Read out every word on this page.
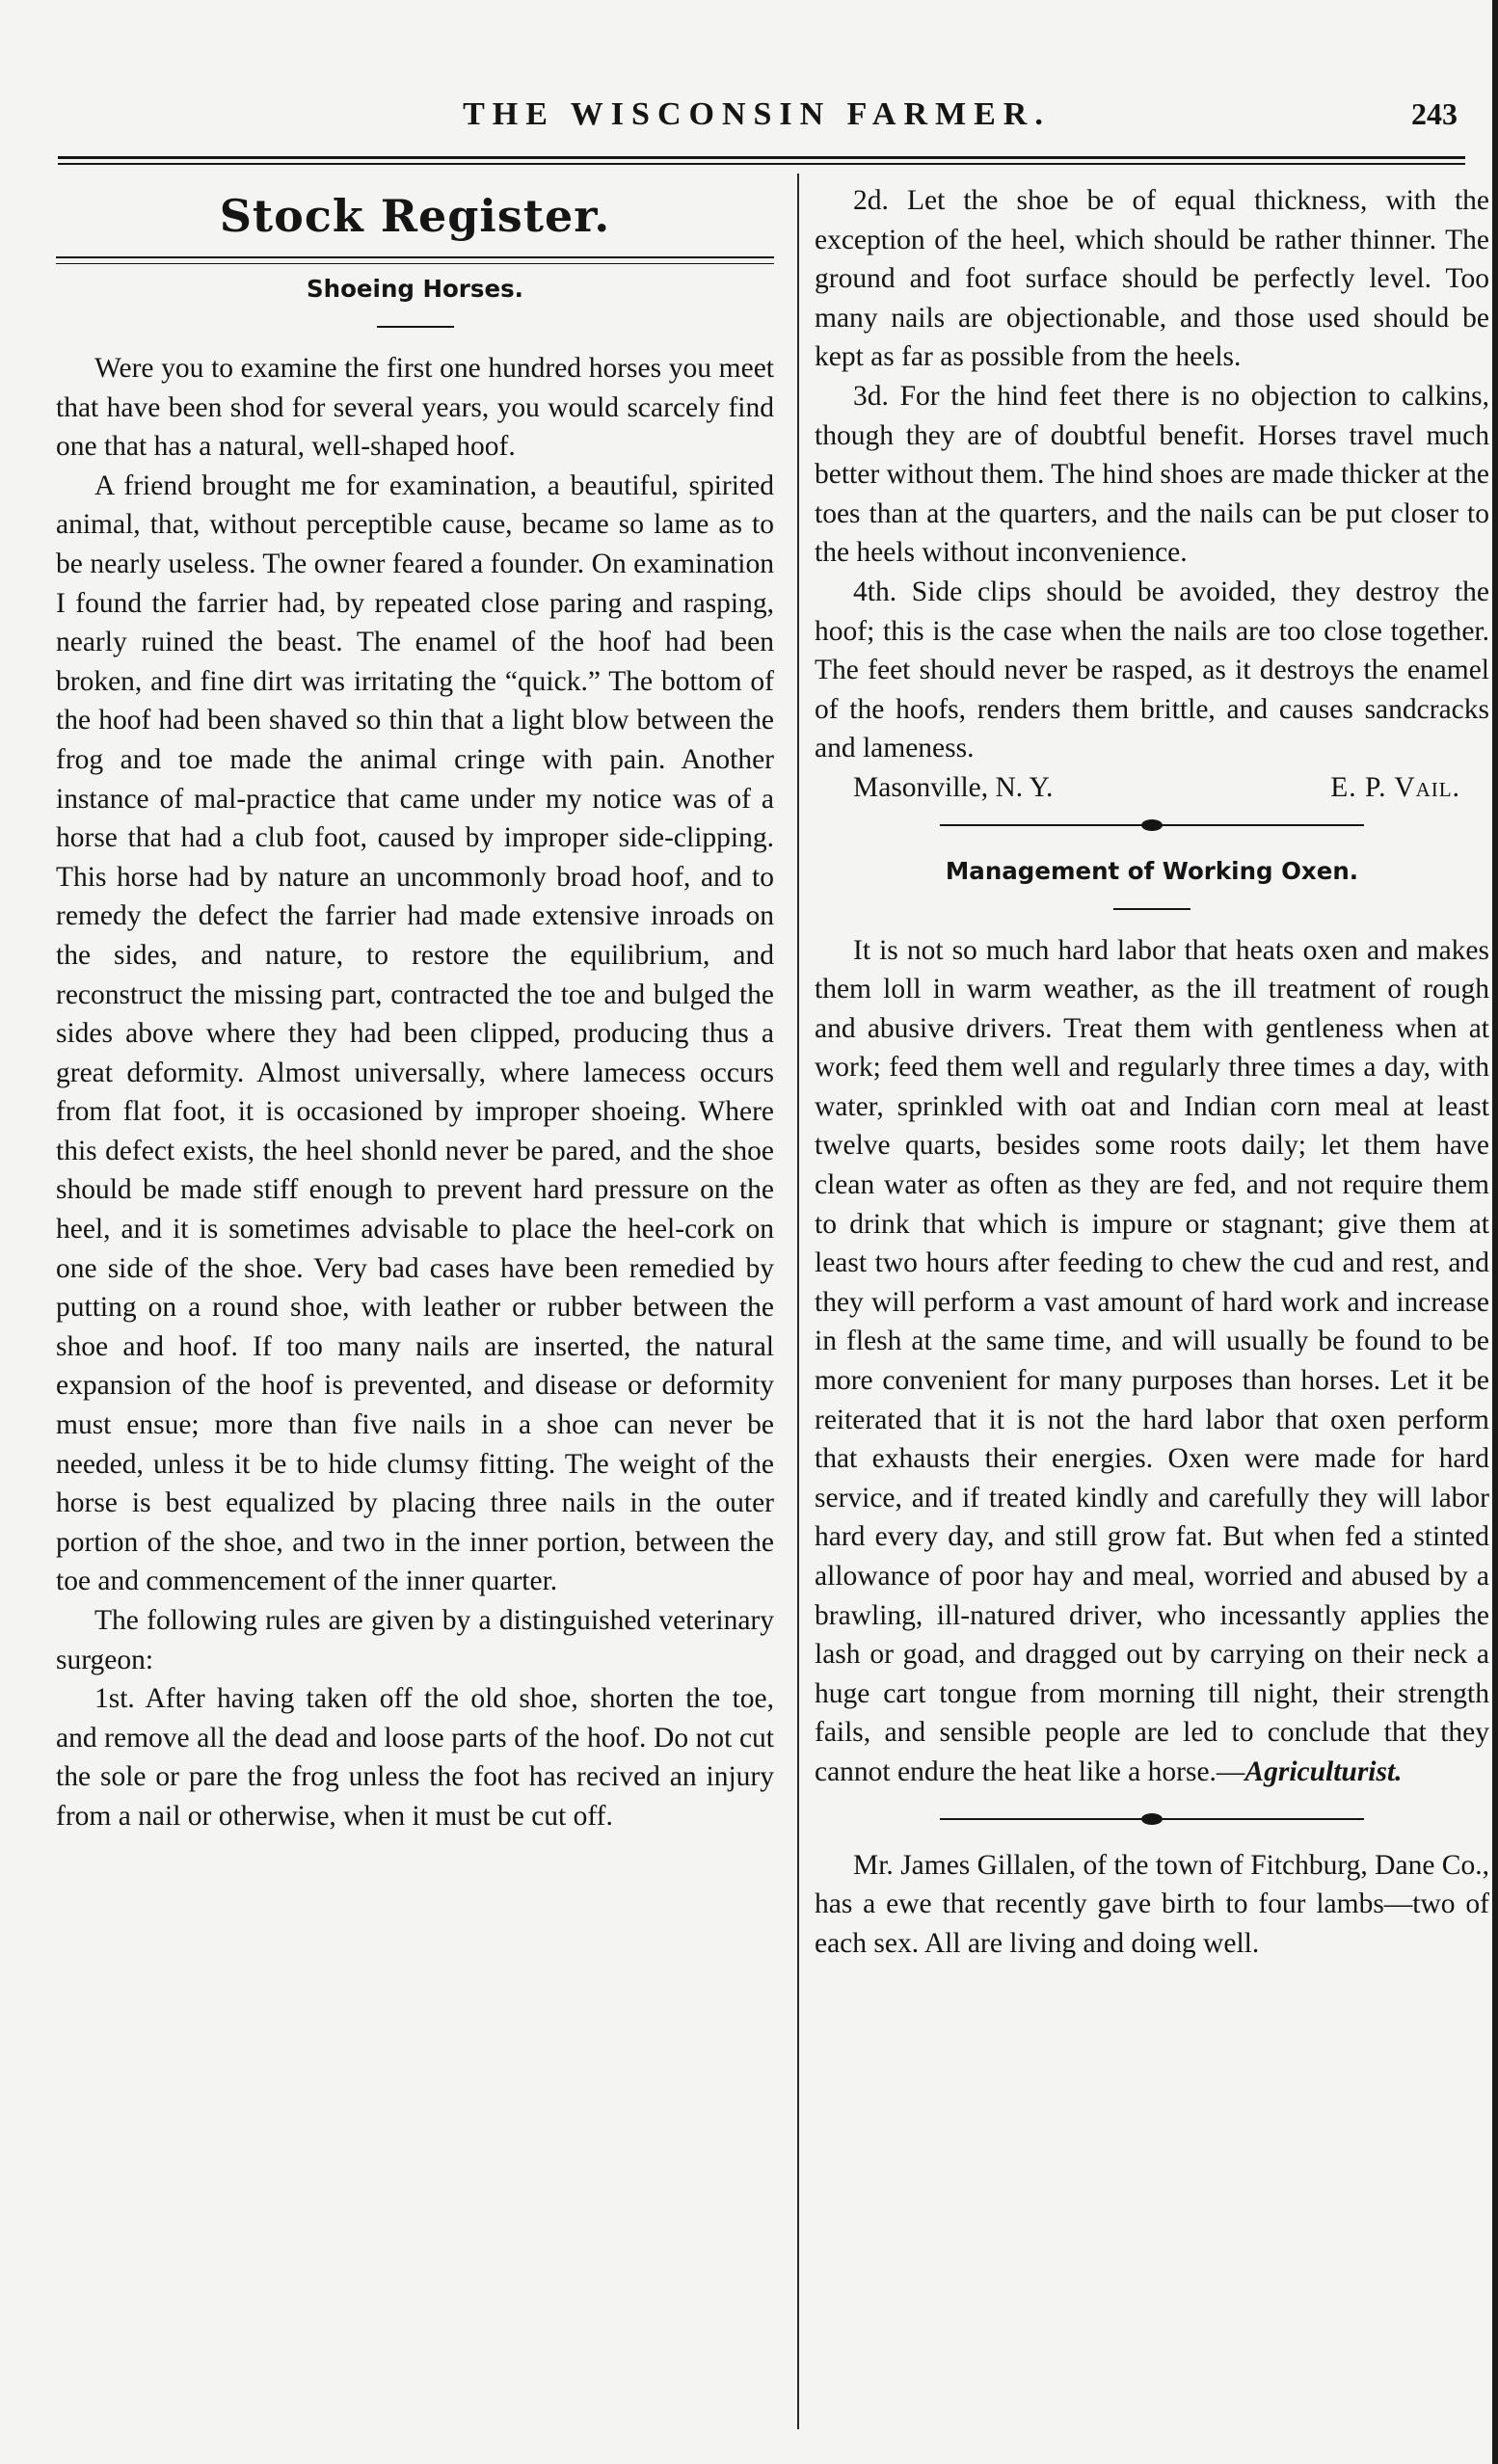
THE WISCONSIN FARMER.	243
Stock Register.
Shoeing Horses.

Were you to examine the first one hundred horses you meet that have been shod for several years, you would scarcely find one that has a natural, well-shaped hoof.

A friend brought me for examination, a beautiful, spirited animal, that, without perceptible cause, became so lame as to be nearly useless. The owner feared a founder. On examination I found the farrier had, by repeated close paring and rasping, nearly ruined the beast. The enamel of the hoof had been broken, and fine dirt was irritating the “quick.” The bottom of the hoof had been shaved so thin that a light blow between the frog and toe made the animal cringe with pain. Another instance of mal-practice that came under my notice was of a horse that had a club foot, caused by improper side-clipping. This horse had by nature an uncommonly broad hoof, and to remedy the defect the farrier had made extensive inroads on the sides, and nature, to restore the equilibrium, and reconstruct the missing part, contracted the toe and bulged the sides above where they had been clipped, producing thus a great deformity. Almost universally, where lamecess occurs from flat foot, it is occasioned by improper shoeing. Where this defect exists, the heel shonld never be pared, and the shoe should be made stiff enough to prevent hard pressure on the heel, and it is sometimes advisable to place the heel-cork on one side of the shoe. Very bad cases have been remedied by putting on a round shoe, with leather or rubber between the shoe and hoof. If too many nails are inserted, the natural expansion of the hoof is prevented, and disease or deformity must ensue; more than five nails in a shoe can never be needed, unless it be to hide clumsy fitting. The weight of the horse is best equalized by placing three nails in the outer portion of the shoe, and two in the inner portion, between the toe and commencement of the inner quarter.

The following rules are given by a distinguished veterinary surgeon:

1st. After having taken off the old shoe, shorten the toe, and remove all the dead and loose parts of the hoof. Do not cut the sole or pare the frog unless the foot has recived an injury from a nail or otherwise, when it must be cut off.

2d. Let the shoe be of equal thickness, with the exception of the heel, which should be rather thinner. The ground and foot surface should be perfectly level. Too many nails are objectionable, and those used should be kept as far as possible from the heels.

3d. For the hind feet there is no objection to calkins, though they are of doubtful benefit. Horses travel much better without them. The hind shoes are made thicker at the toes than at the quarters, and the nails can be put closer to the heels without inconvenience.

4th. Side clips should be avoided, they destroy the hoof; this is the case when the nails are too close together. The feet should never be rasped, as it destroys the enamel of the hoofs, renders them brittle, and causes sandcracks and lameness.

Masonville, N. Y.	E. P. Vail.
Management of Working Oxen.

It is not so much hard labor that heats oxen and makes them loll in warm weather, as the ill treatment of rough and abusive drivers. Treat them with gentleness when at work; feed them well and regularly three times a day, with water, sprinkled with oat and Indian corn meal at least twelve quarts, besides some roots daily; let them have clean water as often as they are fed, and not require them to drink that which is impure or stagnant; give them at least two hours after feeding to chew the cud and rest, and they will perform a vast amount of hard work and increase in flesh at the same time, and will usually be found to be more convenient for many purposes than horses. Let it be reiterated that it is not the hard labor that oxen perform that exhausts their energies. Oxen were made for hard service, and if treated kindly and carefully they will labor hard every day, and still grow fat. But when fed a stinted allowance of poor hay and meal, worried and abused by a brawling, ill-natured driver, who incessantly applies the lash or goad, and dragged out by carrying on their neck a huge cart tongue from morning till night, their strength fails, and sensible people are led to conclude that they cannot endure the heat like a horse.—Agriculturist.

Mr. James Gillalen, of the town of Fitchburg, Dane Co., has a ewe that recently gave birth to four lambs—two of each sex. All are living and doing well.
